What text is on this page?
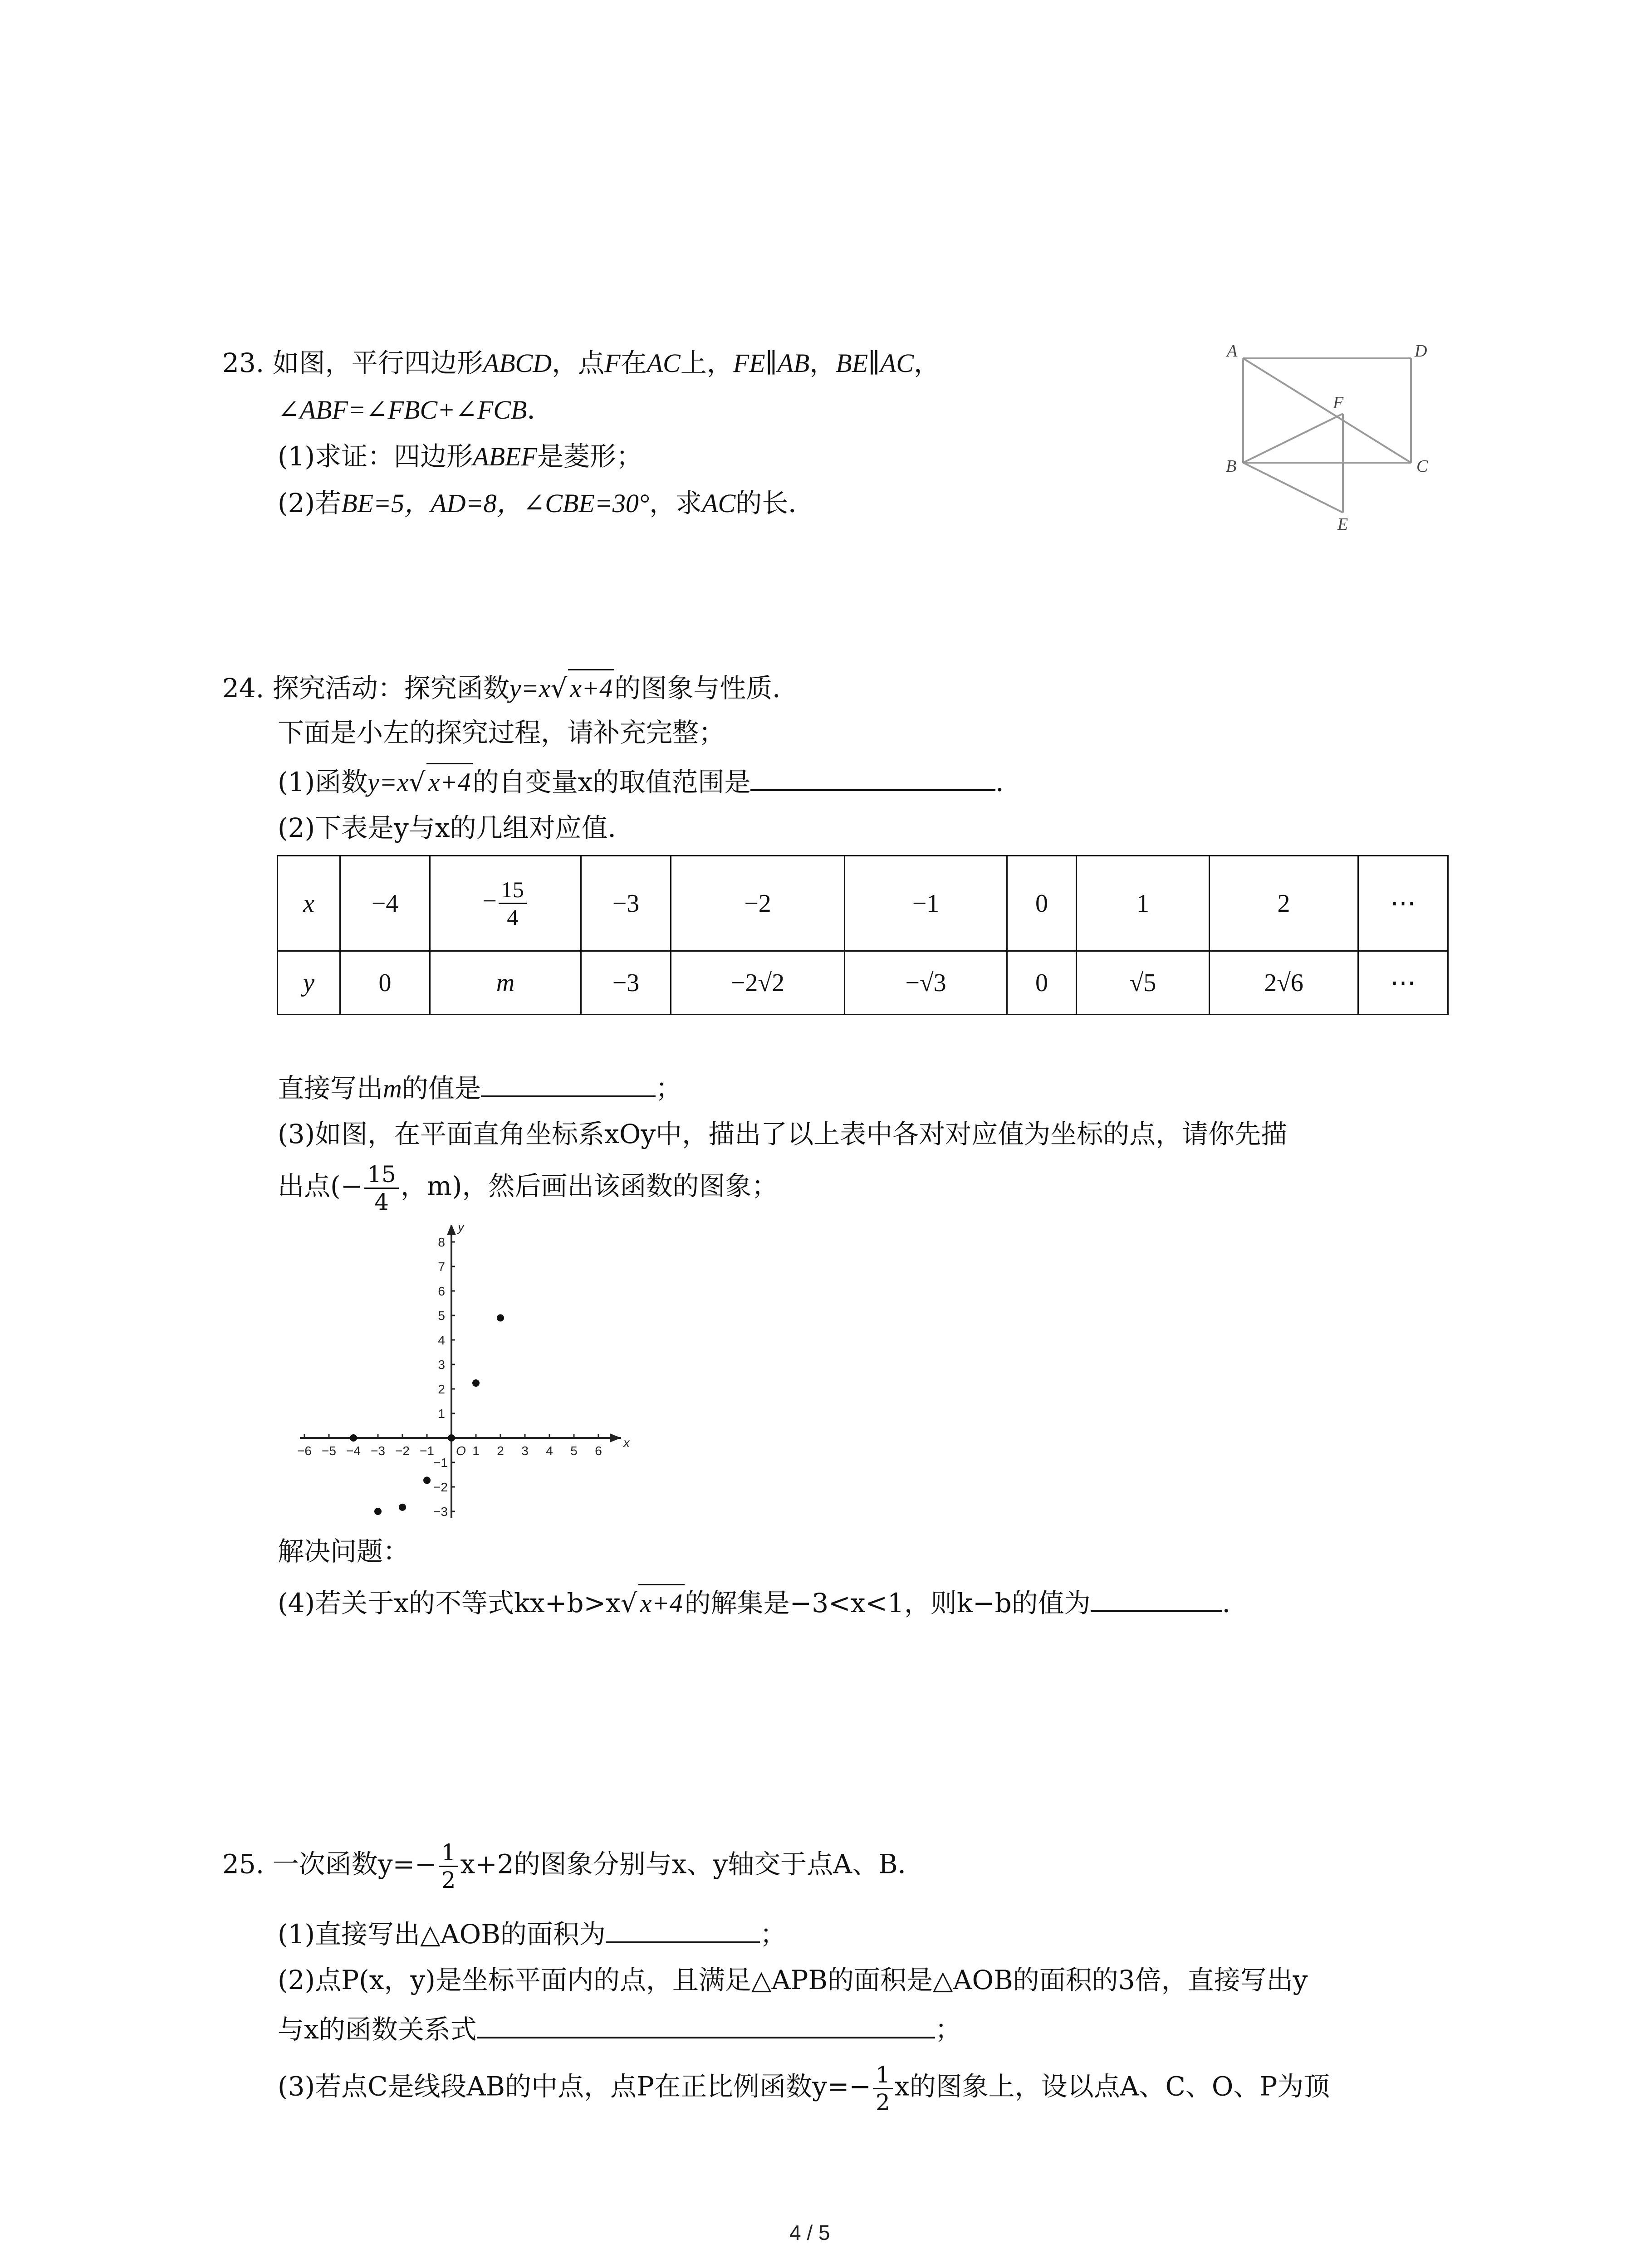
23. 如图，平行四边形ABCD，点F在AC上，FE∥AB，BE∥AC，
∠ABF=∠FBC+∠FCB．
(1)求证：四边形ABEF是菱形；
(2)若BE=5，AD=8，∠CBE=30°，求AC的长．
A	D
F
B	C
E
24. 探究活动：探究函数y=x√ x+4的图象与性质．
下面是小左的探究过程，请补充完整；
(1)函数y=x√ x+4的自变量x的取值范围是	．
(2)下表是y与x的几组对应值．
x	−4	− $\frac{15}{4}$	−3	−2	−1	0	1	2	⋯
y	0	m	−3	−2√2	−√3	0	√5	2√6	⋯
直接写出m的值是	；
(3)如图，在平面直角坐标系xOy中，描出了以上表中各对对应值为坐标的点，请你先描
出点(− $\frac{15}{4}$ ，m)，然后画出该函数的图象；
−6 −5 −4 −3 −2 −1	1 2 3 4 5 6
1
2
3
4
5
6
7
8
−1
−2
−3
x
y
O
解决问题：
(4)若关于x的不等式kx+b>x√ x+4的解集是−3<x<1，则k−b的值为	．
25. 一次函数$y=- \frac{1}{2} x+2$的图象分别与x、y轴交于点A、B．
(1)直接写出△AOB的面积为	；
(2)点P(x，y)是坐标平面内的点，且满足△APB的面积是△AOB的面积的3倍，直接写出y
与x的函数关系式	；
(3)若点C是线段AB的中点，点P在正比例函数$y=- \frac{1}{2}$ x的图象上，设以点A、C、O、P为顶
4 / 5
